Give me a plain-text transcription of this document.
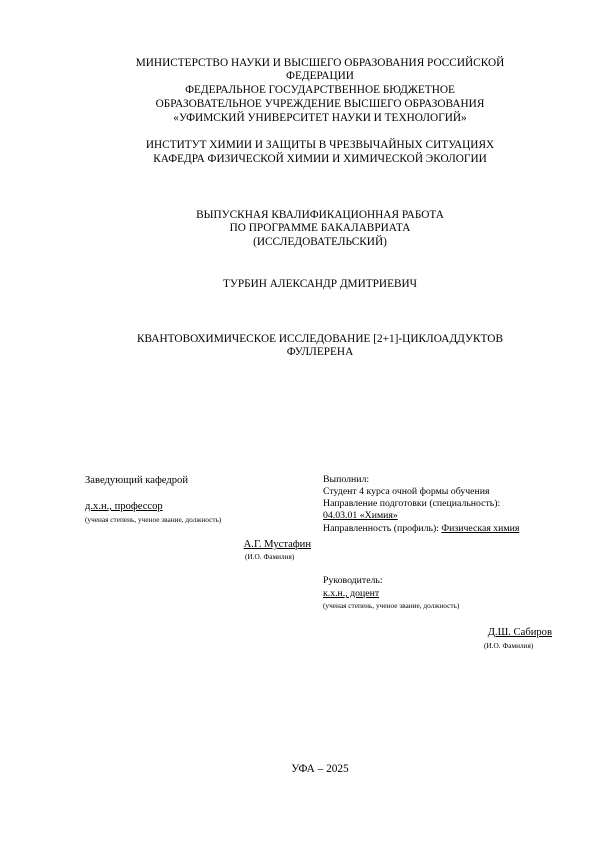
МИНИСТЕРСТВО НАУКИ И ВЫСШЕГО ОБРАЗОВАНИЯ РОССИЙСКОЙ
ФЕДЕРАЦИИ
ФЕДЕРАЛЬНОЕ ГОСУДАРСТВЕННОЕ БЮДЖЕТНОЕ
ОБРАЗОВАТЕЛЬНОЕ УЧРЕЖДЕНИЕ ВЫСШЕГО ОБРАЗОВАНИЯ
«УФИМСКИЙ УНИВЕРСИТЕТ НАУКИ И ТЕХНОЛОГИЙ»
ИНСТИТУТ ХИМИИ И ЗАЩИТЫ В ЧРЕЗВЫЧАЙНЫХ СИТУАЦИЯХ
КАФЕДРА ФИЗИЧЕСКОЙ ХИМИИ И ХИМИЧЕСКОЙ ЭКОЛОГИИ
ВЫПУСКНАЯ КВАЛИФИКАЦИОННАЯ РАБОТА
ПО ПРОГРАММЕ БАКАЛАВРИАТА
(ИССЛЕДОВАТЕЛЬСКИЙ)
ТУРБИН АЛЕКСАНДР ДМИТРИЕВИЧ
КВАНТОВОХИМИЧЕСКОЕ ИССЛЕДОВАНИЕ [2+1]-ЦИКЛОАДДУКТОВ
ФУЛЛЕРЕНА
Заведующий кафедрой
д.х.н., профессор
(ученая степень, ученое звание, должность)
А.Г. Мустафин
(И.О. Фамилия)
Выполнил:
Студент 4 курса очной формы обучения
Направление подготовки (специальность):
04.03.01 «Химия»
Направленность (профиль): Физическая химия
Руководитель:
к.х.н., доцент
(ученая степень, ученое звание, должность)
Д.Ш. Сабиров
(И.О. Фамилия)
УФА – 2025
